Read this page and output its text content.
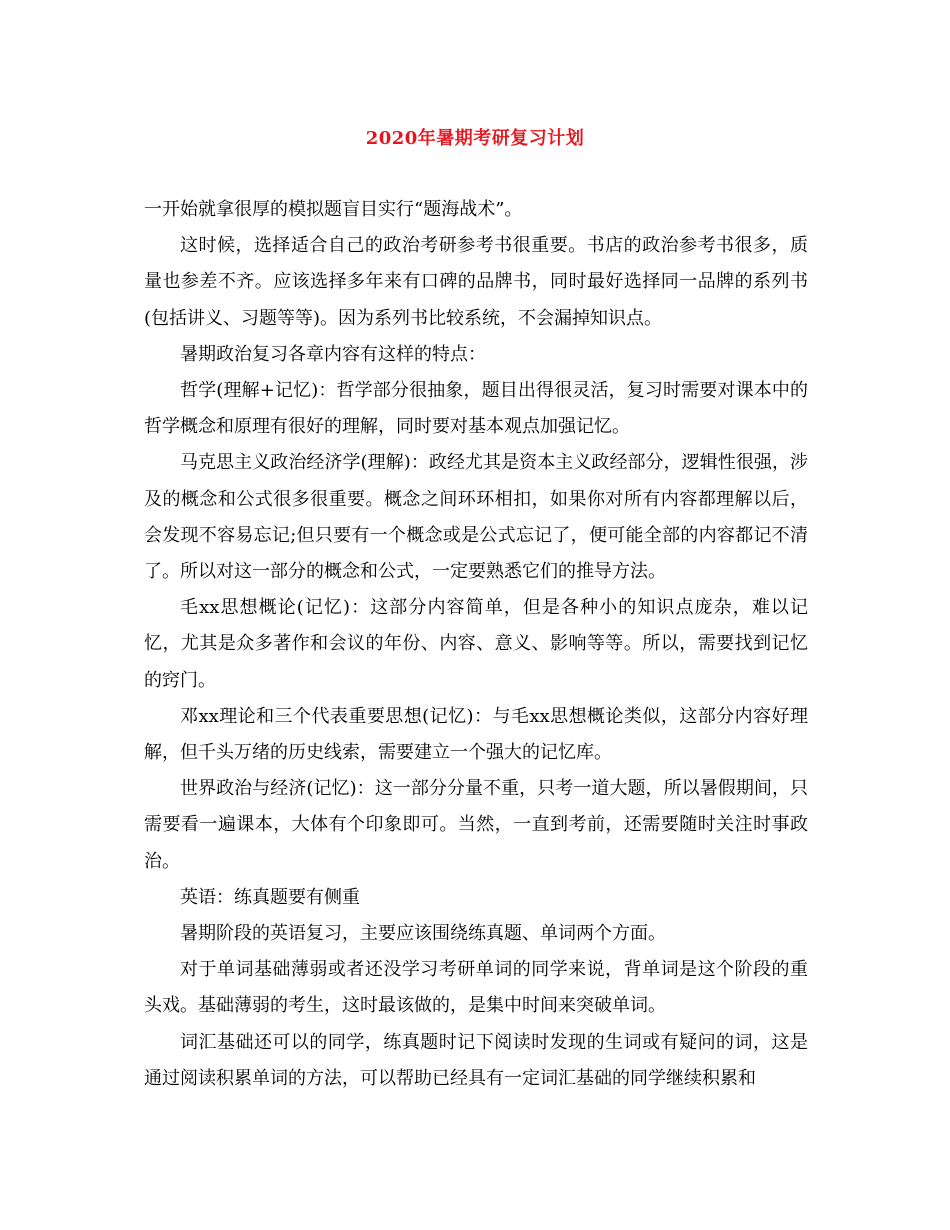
2020年暑期考研复习计划

一开始就拿很厚的模拟题盲目实行“题海战术”。

这时候，选择适合自己的政治考研参考书很重要。书店的政治参考书很多，质量也参差不齐。应该选择多年来有口碑的品牌书，同时最好选择同一品牌的系列书(包括讲义、习题等等)。因为系列书比较系统，不会漏掉知识点。

暑期政治复习各章内容有这样的特点：

哲学(理解+记忆)：哲学部分很抽象，题目出得很灵活，复习时需要对课本中的哲学概念和原理有很好的理解，同时要对基本观点加强记忆。

马克思主义政治经济学(理解)：政经尤其是资本主义政经部分，逻辑性很强，涉及的概念和公式很多很重要。概念之间环环相扣，如果你对所有内容都理解以后，会发现不容易忘记;但只要有一个概念或是公式忘记了，便可能全部的内容都记不清了。所以对这一部分的概念和公式，一定要熟悉它们的推导方法。

毛xx思想概论(记忆)：这部分内容简单，但是各种小的知识点庞杂，难以记忆，尤其是众多著作和会议的年份、内容、意义、影响等等。所以，需要找到记忆的窍门。

邓xx理论和三个代表重要思想(记忆)：与毛xx思想概论类似，这部分内容好理解，但千头万绪的历史线索，需要建立一个强大的记忆库。

世界政治与经济(记忆)：这一部分分量不重，只考一道大题，所以暑假期间，只需要看一遍课本，大体有个印象即可。当然，一直到考前，还需要随时关注时事政治。

英语：练真题要有侧重

暑期阶段的英语复习，主要应该围绕练真题、单词两个方面。

对于单词基础薄弱或者还没学习考研单词的同学来说，背单词是这个阶段的重头戏。基础薄弱的考生，这时最该做的，是集中时间来突破单词。

词汇基础还可以的同学，练真题时记下阅读时发现的生词或有疑问的词，这是通过阅读积累单词的方法，可以帮助已经具有一定词汇基础的同学继续积累和
